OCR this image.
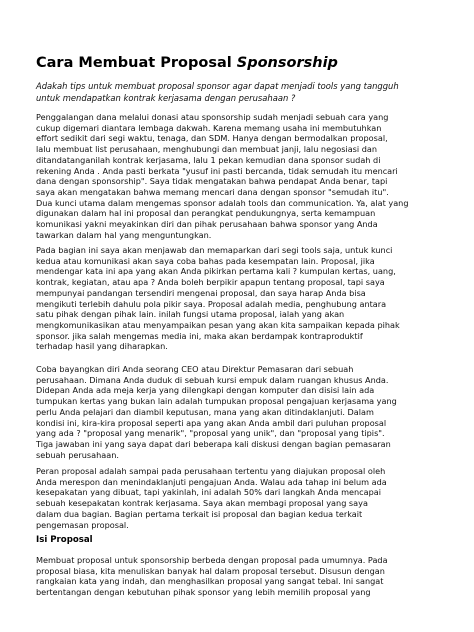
Cara Membuat Proposal Sponsorship

Adakah tips untuk membuat proposal sponsor agar dapat menjadi tools yang tangguh
untuk mendapatkan kontrak kerjasama dengan perusahaan ?

Penggalangan dana melalui donasi atau sponsorship sudah menjadi sebuah cara yang
cukup digemari diantara lembaga dakwah. Karena memang usaha ini membutuhkan
effort sedikit dari segi waktu, tenaga, dan SDM. Hanya dengan bermodalkan proposal,
lalu membuat list perusahaan, menghubungi dan membuat janji, lalu negosiasi dan
ditandatanganilah kontrak kerjasama, lalu 1 pekan kemudian dana sponsor sudah di
rekening Anda . Anda pasti berkata "yusuf ini pasti bercanda, tidak semudah itu mencari
dana dengan sponsorship". Saya tidak mengatakan bahwa pendapat Anda benar, tapi
saya akan mengatakan bahwa memang mencari dana dengan sponsor "semudah itu".
Dua kunci utama dalam mengemas sponsor adalah tools dan communication. Ya, alat yang
digunakan dalam hal ini proposal dan perangkat pendukungnya, serta kemampuan
komunikasi yakni meyakinkan diri dan pihak perusahaan bahwa sponsor yang Anda
tawarkan dalam hal yang menguntungkan.

Pada bagian ini saya akan menjawab dan memaparkan dari segi tools saja, untuk kunci
kedua atau komunikasi akan saya coba bahas pada kesempatan lain. Proposal, jika
mendengar kata ini apa yang akan Anda pikirkan pertama kali ? kumpulan kertas, uang,
kontrak, kegiatan, atau apa ? Anda boleh berpikir apapun tentang proposal, tapi saya
mempunyai pandangan tersendiri mengenai proposal, dan saya harap Anda bisa
mengikuti terlebih dahulu pola pikir saya. Proposal adalah media, penghubung antara
satu pihak dengan pihak lain. inilah fungsi utama proposal, ialah yang akan
mengkomunikasikan atau menyampaikan pesan yang akan kita sampaikan kepada pihak
sponsor. jika salah mengemas media ini, maka akan berdampak kontraproduktif
terhadap hasil yang diharapkan.

Coba bayangkan diri Anda seorang CEO atau Direktur Pemasaran dari sebuah
perusahaan. Dimana Anda duduk di sebuah kursi empuk dalam ruangan khusus Anda.
Didepan Anda ada meja kerja yang dilengkapi dengan komputer dan disisi lain ada
tumpukan kertas yang bukan lain adalah tumpukan proposal pengajuan kerjasama yang
perlu Anda pelajari dan diambil keputusan, mana yang akan ditindaklanjuti. Dalam
kondisi ini, kira-kira proposal seperti apa yang akan Anda ambil dari puluhan proposal
yang ada ? "proposal yang menarik", "proposal yang unik", dan "proposal yang tipis".
Tiga jawaban ini yang saya dapat dari beberapa kali diskusi dengan bagian pemasaran
sebuah perusahaan.

Peran proposal adalah sampai pada perusahaan tertentu yang diajukan proposal oleh
Anda merespon dan menindaklanjuti pengajuan Anda. Walau ada tahap ini belum ada
kesepakatan yang dibuat, tapi yakinlah, ini adalah 50% dari langkah Anda mencapai
sebuah kesepakatan kontrak kerjasama. Saya akan membagi proposal yang saya
dalam dua bagian. Bagian pertama terkait isi proposal dan bagian kedua terkait
pengemasan proposal.

Isi Proposal

Membuat proposal untuk sponsorship berbeda dengan proposal pada umumnya. Pada
proposal biasa, kita menuliskan banyak hal dalam proposal tersebut. Disusun dengan
rangkaian kata yang indah, dan menghasilkan proposal yang sangat tebal. Ini sangat
bertentangan dengan kebutuhan pihak sponsor yang lebih memilih proposal yang
